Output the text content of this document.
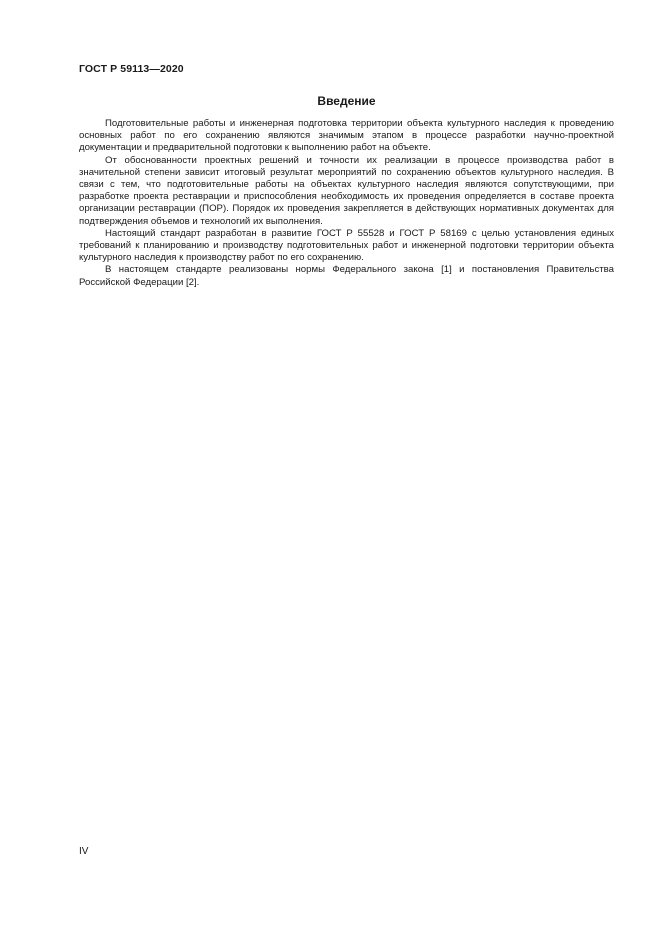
ГОСТ Р 59113—2020
Введение

Подготовительные работы и инженерная подготовка территории объекта культурного наследия к проведению основных работ по его сохранению являются значимым этапом в процессе разработки научно-проектной документации и предварительной подготовки к выполнению работ на объекте.

От обоснованности проектных решений и точности их реализации в процессе производства работ в значительной степени зависит итоговый результат мероприятий по сохранению объектов культурного наследия. В связи с тем, что подготовительные работы на объектах культурного наследия являются сопутствующими, при разработке проекта реставрации и приспособления необходимость их проведения определяется в составе проекта организации реставрации (ПОР). Порядок их проведения закрепляется в действующих нормативных документах для подтверждения объемов и технологий их выполнения.

Настоящий стандарт разработан в развитие ГОСТ Р 55528 и ГОСТ Р 58169 с целью установления единых требований к планированию и производству подготовительных работ и инженерной подготовки территории объекта культурного наследия к производству работ по его сохранению.

В настоящем стандарте реализованы нормы Федерального закона [1] и постановления Правительства Российской Федерации [2].

IV
